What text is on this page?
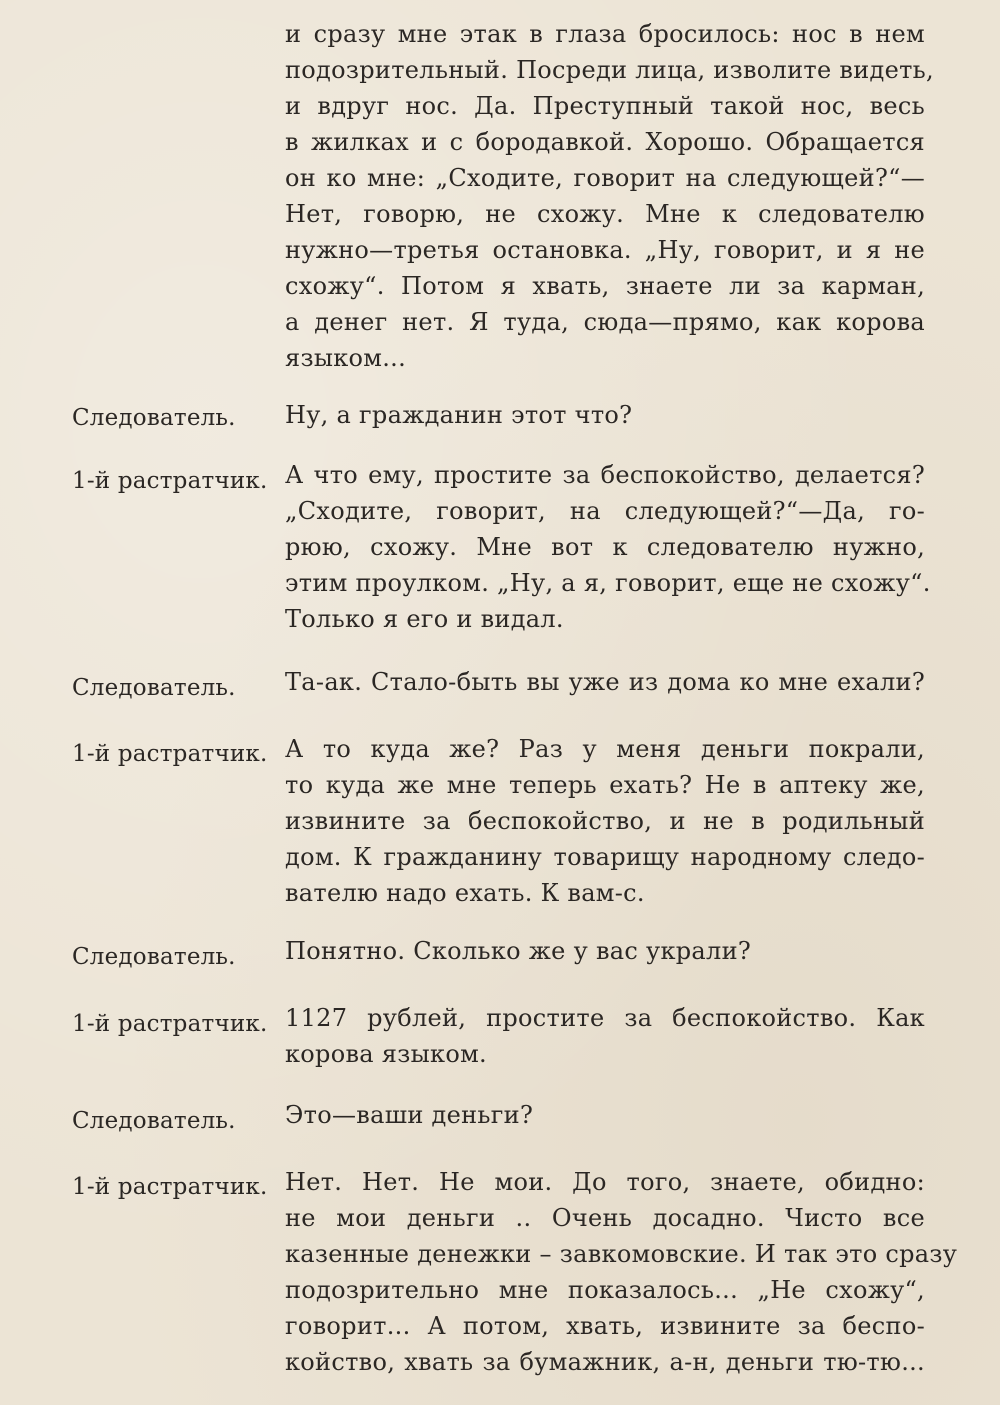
и сразу мне этак в глаза бросилось: нос в нем
подозрительный. Посреди лица, изволите видеть,
и вдруг нос. Да. Преступный такой нос, весь
в жилках и с бородавкой. Хорошо. Обращается
он ко мне: „Сходите, говорит на следующей?“—
Нет, говорю, не схожу. Мне к следователю
нужно—третья остановка. „Ну, говорит, и я не
схожу“. Потом я хвать, знаете ли за карман,
а денег нет. Я туда, сюда—прямо, как корова
языком...
Следователь.	Ну, а гражданин этот что?
1-й растратчик. А что ему, простите за беспокойство, делается?
„Сходите, говорит, на следующей?“—Да, го-
рюю, схожу. Мне вот к следователю нужно,
этим проулком. „Ну, а я, говорит, еще не схожу“.
Только я его и видал.
Следователь.	Та-ак. Стало-быть вы уже из дома ко мне ехали?
1-й растратчик. А то куда же? Раз у меня деньги покрали,
то куда же мне теперь ехать? Не в аптеку же,
извините за беспокойство, и не в родильный
дом. К гражданину товарищу народному следо-
вателю надо ехать. К вам-с.
Следователь.	Понятно. Сколько же у вас украли?
1-й растратчик. 1127 рублей, простите за беспокойство. Как
корова языком.
Следователь.	Это—ваши деньги?
1-й растратчик. Нет. Нет. Не мои. До того, знаете, обидно:
не мои деньги .. Очень досадно. Чисто все
казенные денежки – завкомовские. И так это сразу
подозрительно мне показалось... „Не схожу“,
говорит... А потом, хвать, извините за беспо-
койство, хвать за бумажник, а-н, деньги тю-тю...
